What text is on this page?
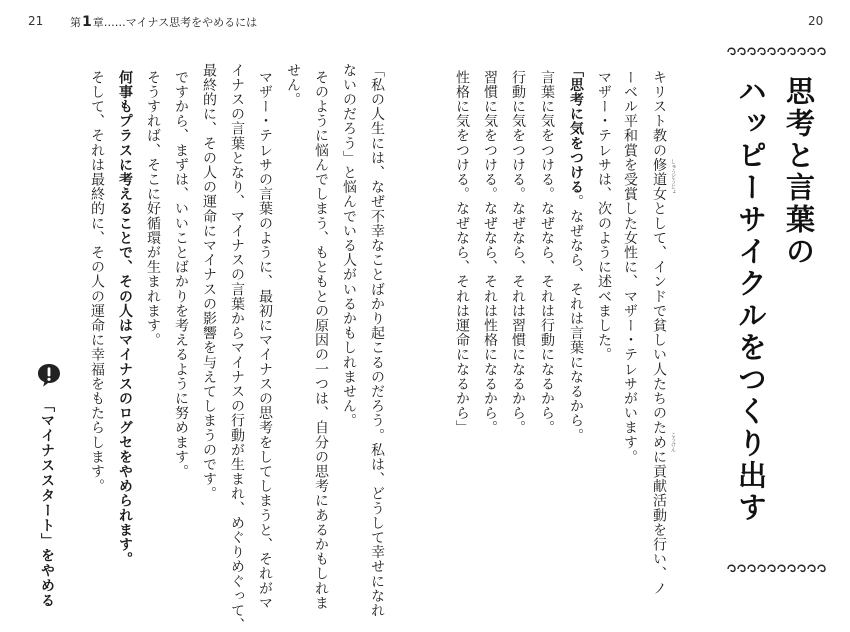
21 第1章……マイナス思考をやめるには	20
思考と言葉の
ハッピーサイクルをつくり出す
しゅうどうじょ
こうけん
キリスト教の修道女として、インドで貧しい人たちのために貢献活動を行い、ノ
ーベル平和賞を受賞した女性に、マザー・テレサがいます。
マザー・テレサは、次のように述べました。
「思考に気をつける。なぜなら、それは言葉になるから。
言葉に気をつける。なぜなら、それは行動になるから。
行動に気をつける。なぜなら、それは習慣になるから。
習慣に気をつける。なぜなら、それは性格になるから。
性格に気をつける。なぜなら、それは運命になるから」
「私の人生には、なぜ不幸なことばかり起こるのだろう。私は、どうして幸せになれ
ないのだろう」と悩んでいる人がいるかもしれません。
そのように悩んでしまう、もともとの原因の一つは、自分の思考にあるかもしれま
せん。
マザー・テレサの言葉のように、最初にマイナスの思考をしてしまうと、それがマ
イナスの言葉となり、マイナスの言葉からマイナスの行動が生まれ、めぐりめぐって、
最終的に、その人の運命にマイナスの影響を与えてしまうのです。
ですから、まずは、いいことばかりを考えるように努めます。
そうすれば、そこに好循環が生まれます。
何事もプラスに考えることで、その人はマイナスのログセをやめられます。
そして、それは最終的に、その人の運命に幸福をもたらします。
「マイナススタート」をやめる
